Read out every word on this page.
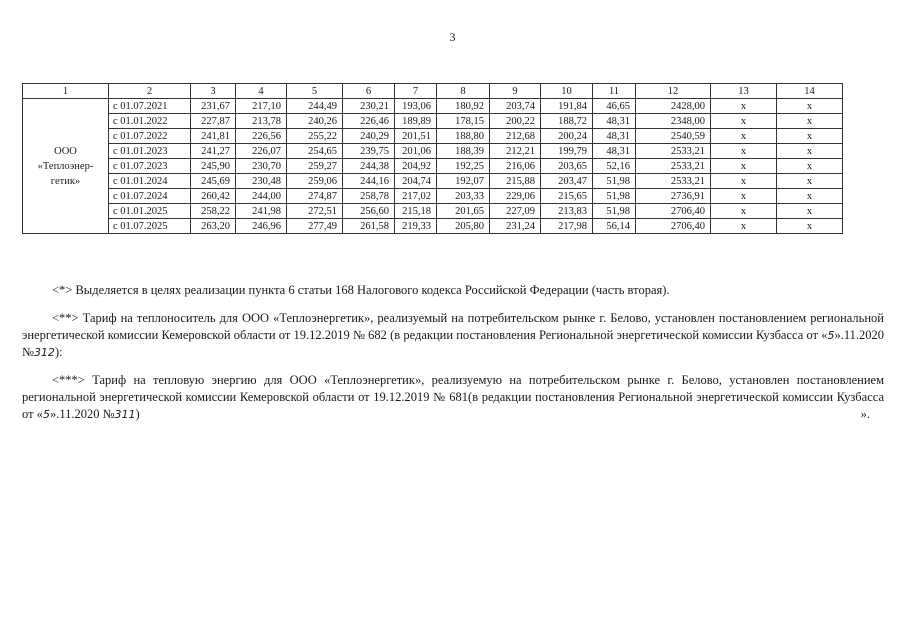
3
1	2	3	4	5	6	7	8	9	10	11	12	13	14
ООО
«Теплоэнер-
гетик»	с 01.07.2021	231,67	217,10	244,49	230,21	193,06	180,92	203,74	191,84	46,65	2428,00	х	х
	с 01.01.2022	227,87	213,78	240,26	226,46	189,89	178,15	200,22	188,72	48,31	2348,00	х	х
	с 01.07.2022	241,81	226,56	255,22	240,29	201,51	188,80	212,68	200,24	48,31	2540,59	х	х
	с 01.01.2023	241,27	226,07	254,65	239,75	201,06	188,39	212,21	199,79	48,31	2533,21	х	х
	с 01.07.2023	245,90	230,70	259,27	244,38	204,92	192,25	216,06	203,65	52,16	2533,21	х	х
	с 01.01.2024	245,69	230,48	259,06	244,16	204,74	192,07	215,88	203,47	51,98	2533,21	х	х
	с 01.07.2024	260,42	244,00	274,87	258,78	217,02	203,33	229,06	215,65	51,98	2736,91	х	х
	с 01.01.2025	258,22	241,98	272,51	256,60	215,18	201,65	227,09	213,83	51,98	2706,40	х	х
	с 01.07.2025	263,20	246,96	277,49	261,58	219,33	205,80	231,24	217,98	56,14	2706,40	х	х

<*> Выделяется в целях реализации пункта 6 статьи 168 Налогового кодекса Российской Федерации (часть вторая).

<**> Тариф на теплоноситель для ООО «Теплоэнергетик», реализуемый на потребительском рынке г. Белово, установлен постановлением региональной энергетической комиссии Кемеровской области от 19.12.2019 № 682 (в редакции постановления Региональной энергетической комиссии Кузбасса от «5».11.2020 №312):

<***> Тариф на тепловую энергию для ООО «Теплоэнергетик», реализуемую на потребительском рынке г. Белово, установлен постановлением региональной энергетической комиссии Кемеровской области от 19.12.2019 № 681(в редакции постановления Региональной энергетической комиссии Кузбасса от «5».11.2020 №311)	».
